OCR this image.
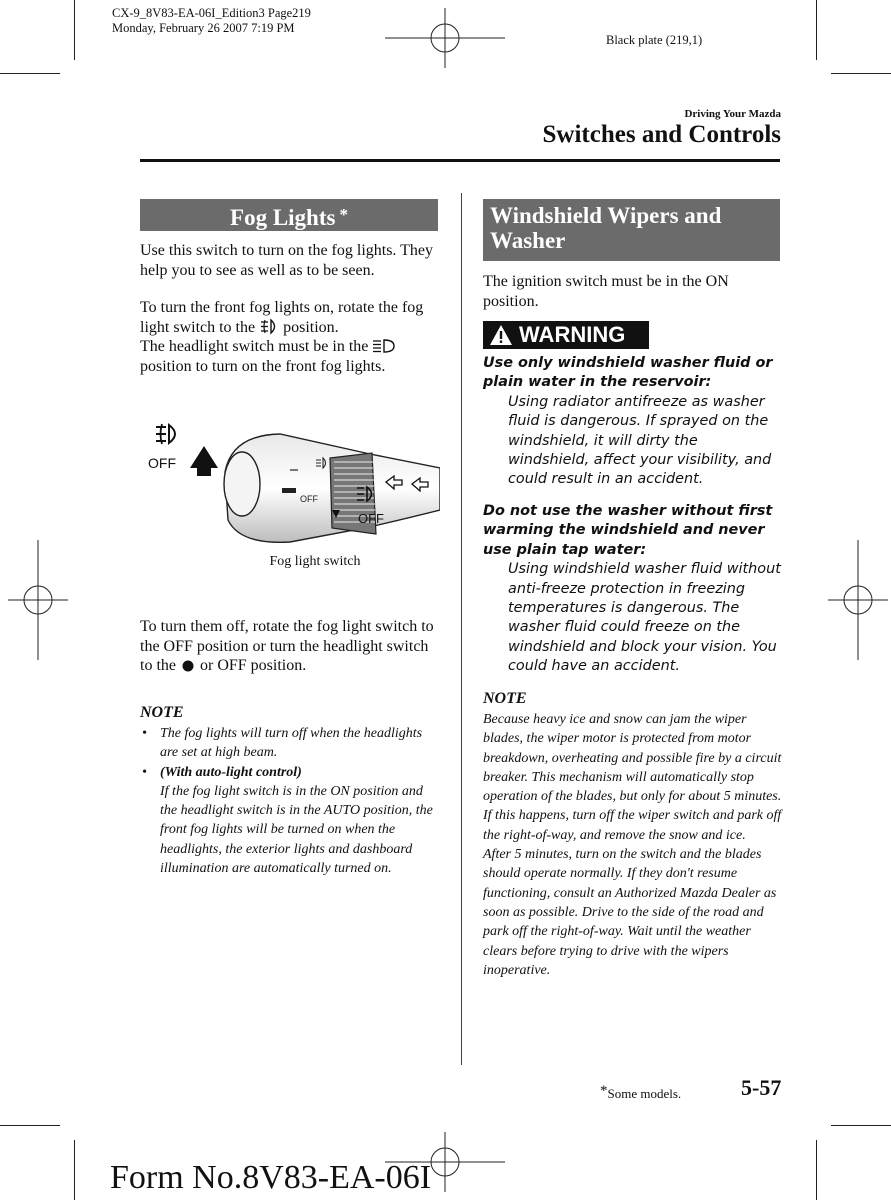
CX-9_8V83-EA-06I_Edition3 Page219
Monday, February 26 2007 7:19 PM
Black plate (219,1)
Driving Your Mazda
Switches and Controls
Fog Lights *
Use this switch to turn on the fog lights. They help you to see as well as to be seen.
To turn the front fog lights on, rotate the fog light switch to the position.
The headlight switch must be in the
position to turn on the front fog lights.
OFF
OFF
OFF
Fog light switch
To turn them off, rotate the fog light switch to the OFF position or turn the headlight switch to the or OFF position.
NOTE
• The fog lights will turn off when the headlights are set at high beam.
• (With auto-light control)
If the fog light switch is in the ON position and the headlight switch is in the AUTO position, the front fog lights will be turned on when the headlights, the exterior lights and dashboard illumination are automatically turned on.
Windshield Wipers and
Washer
The ignition switch must be in the ON position.
WARNING
Use only windshield washer fluid or plain water in the reservoir:
Using radiator antifreeze as washer fluid is dangerous. If sprayed on the windshield, it will dirty the windshield, affect your visibility, and could result in an accident.
Do not use the washer without first warming the windshield and never use plain tap water:
Using windshield washer fluid without anti-freeze protection in freezing temperatures is dangerous. The washer fluid could freeze on the windshield and block your vision. You could have an accident.
NOTE
Because heavy ice and snow can jam the wiper blades, the wiper motor is protected from motor breakdown, overheating and possible fire by a circuit breaker. This mechanism will automatically stop operation of the blades, but only for about 5 minutes.
If this happens, turn off the wiper switch and park off the right-of-way, and remove the snow and ice.
After 5 minutes, turn on the switch and the blades should operate normally. If they don't resume functioning, consult an Authorized Mazda Dealer as soon as possible. Drive to the side of the road and park off the right-of-way. Wait until the weather clears before trying to drive with the wipers inoperative.
*Some models.	5-57
Form No.8V83-EA-06I
